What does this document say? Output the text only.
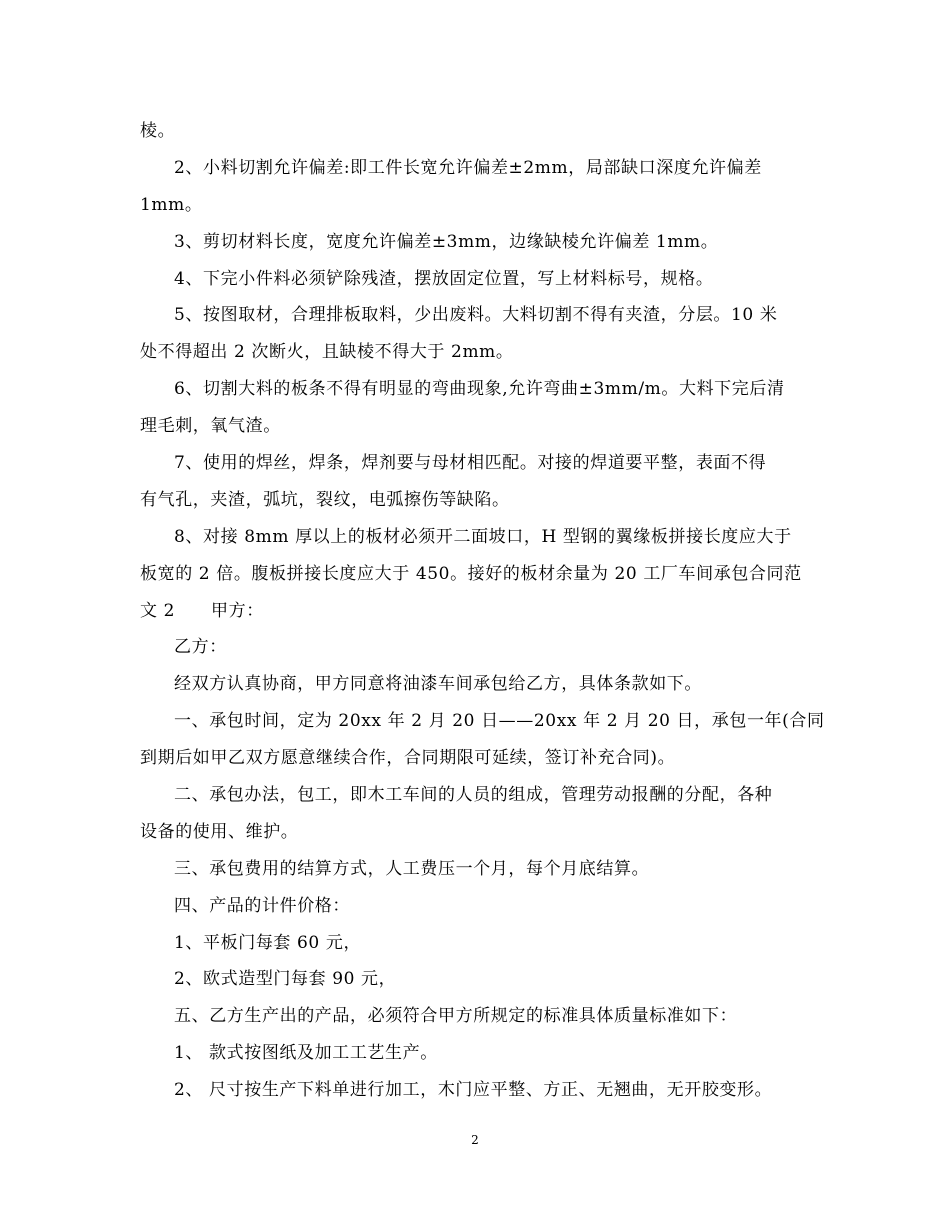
棱。
2、小料切割允许偏差:即工件长宽允许偏差±2mm，局部缺口深度允许偏差
1mm。
3、剪切材料长度，宽度允许偏差±3mm，边缘缺棱允许偏差 1mm。
4、下完小件料必须铲除残渣，摆放固定位置，写上材料标号，规格。
5、按图取材，合理排板取料，少出废料。大料切割不得有夹渣，分层。10 米
处不得超出 2 次断火，且缺棱不得大于 2mm。
6、切割大料的板条不得有明显的弯曲现象,允许弯曲±3mm/m。大料下完后清
理毛刺，氧气渣。
7、使用的焊丝，焊条，焊剂要与母材相匹配。对接的焊道要平整，表面不得
有气孔，夹渣，弧坑，裂纹，电弧擦伤等缺陷。
8、对接 8mm 厚以上的板材必须开二面坡口，H 型钢的翼缘板拼接长度应大于
板宽的 2 倍。腹板拼接长度应大于 450。接好的板材余量为 20 工厂车间承包合同范
文 2      甲方：
乙方：
经双方认真协商，甲方同意将油漆车间承包给乙方，具体条款如下。
一、承包时间，定为 20xx 年 2 月 20 日——20xx 年 2 月 20 日，承包一年(合同
到期后如甲乙双方愿意继续合作，合同期限可延续，签订补充合同)。
二、承包办法，包工，即木工车间的人员的组成，管理劳动报酬的分配，各种
设备的使用、维护。
三、承包费用的结算方式，人工费压一个月，每个月底结算。
四、产品的计件价格：
1、平板门每套 60 元，
2、欧式造型门每套 90 元，
五、乙方生产出的产品，必须符合甲方所规定的标准具体质量标准如下：
1、 款式按图纸及加工工艺生产。
2、 尺寸按生产下料单进行加工，木门应平整、方正、无翘曲，无开胶变形。
2
